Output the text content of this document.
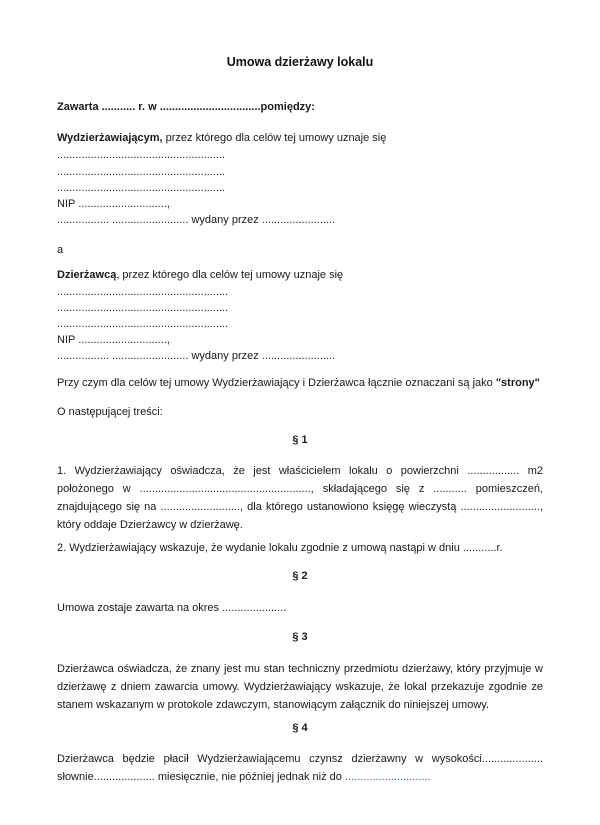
Umowa dzierżawy lokalu
Zawarta ........... r. w .................................pomiędzy:
Wydzierżawiającym, przez którego dla celów tej umowy uznaje się
.......................................................
.......................................................
.......................................................
NIP .............................,
................. ......................... wydany przez ........................
a
Dzierżawcą, przez którego dla celów tej umowy uznaje się
........................................................
........................................................
........................................................
NIP .............................,
................. ......................... wydany przez ........................
Przy czym dla celów tej umowy Wydzierżawiający i Dzierżawca łącznie oznaczani są jako "strony"
O następującej treści:
§ 1
1. Wydzierżawiający oświadcza, że jest właścicielem lokalu o powierzchni ................. m2 położonego w ........................................................, składającego się z ........... pomieszczeń, znajdującego się na .........................., dla którego ustanowiono księgę wieczystą .........................., który oddaje Dzierżawcy w dzierżawę.
2. Wydzierżawiający wskazuje, że wydanie lokalu zgodnie z umową nastąpi w dniu ...........r.
§ 2
Umowa zostaje zawarta na okres .....................
§ 3
Dzierżawca oświadcza, że znany jest mu stan techniczny przedmiotu dzierżawy, który przyjmuje w dzierżawę z dniem zawarcia umowy. Wydzierżawiający wskazuje, że lokal przekazuje zgodnie ze stanem wskazanym w protokole zdawczym, stanowiącym załącznik do niniejszej umowy.
§ 4
Dzierżawca będzie płacił Wydzierżawiającemu czynsz dzierżawny w wysokości.................... słownie.................... miesięcznie, nie później jednak niż do ............................
